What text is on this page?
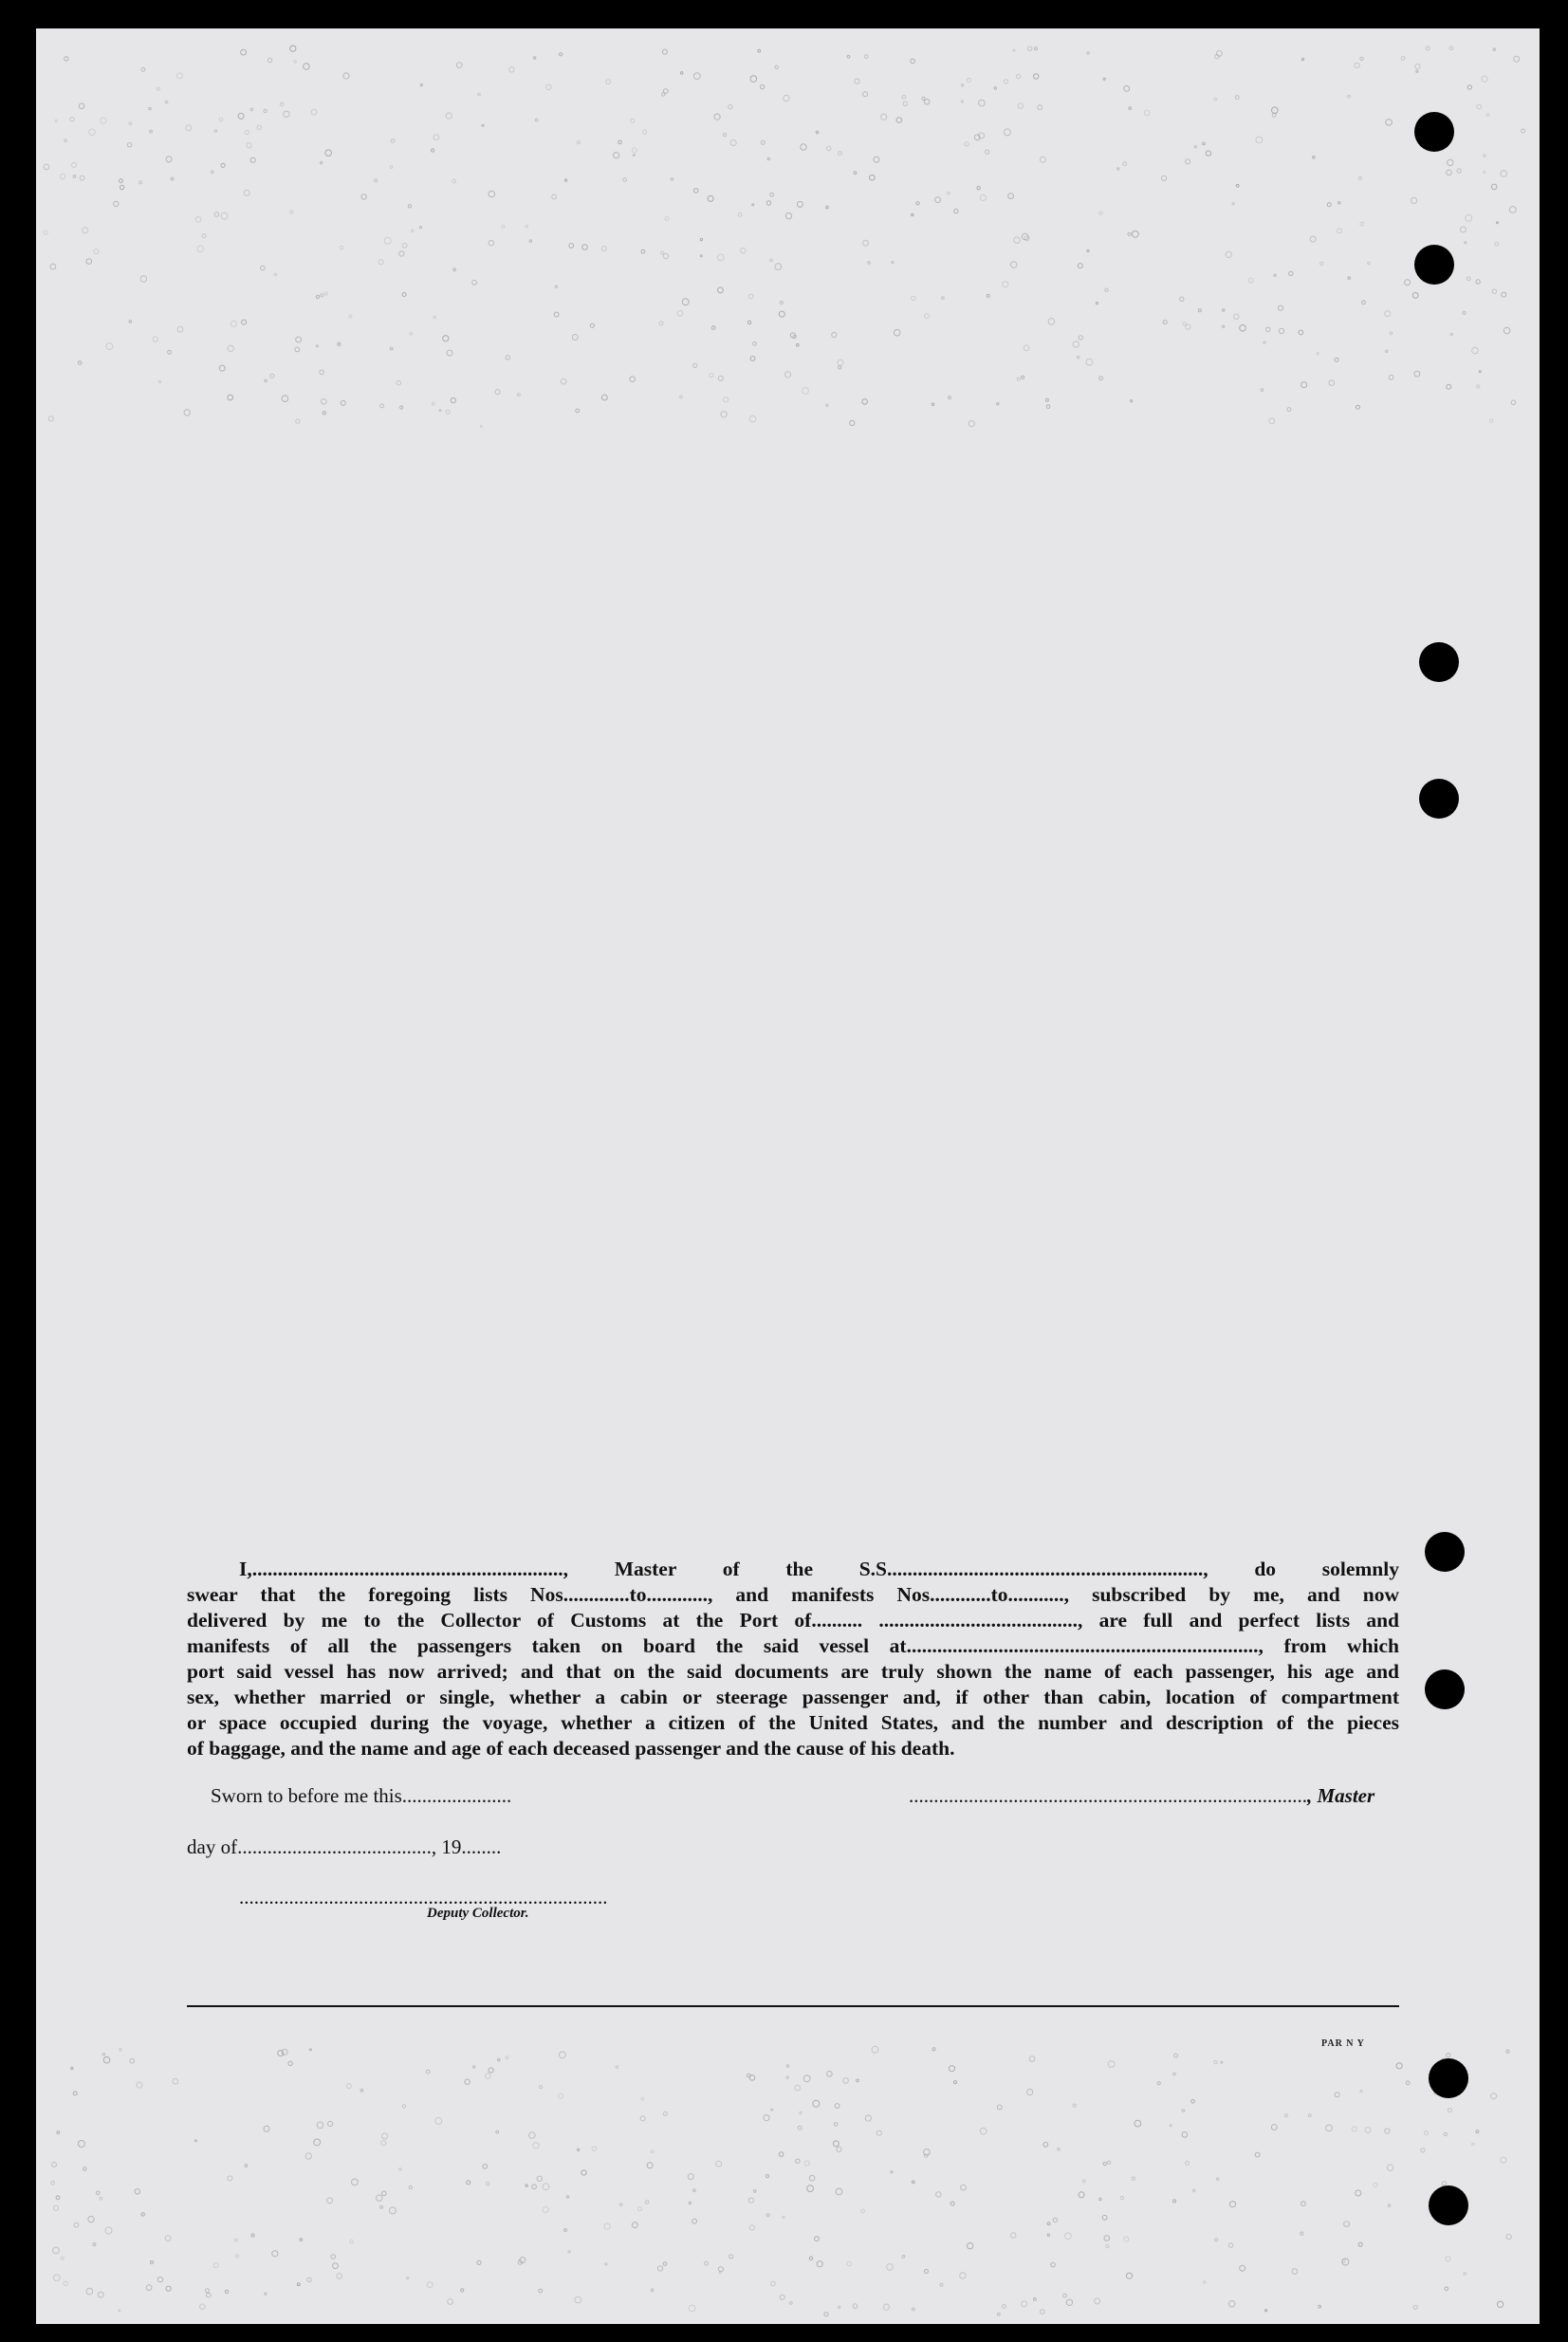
I,............................................................., Master of the S.S.............................................................., do solemnly
swear that the foregoing lists Nos.............to............, and manifests Nos............to..........., subscribed by me, and now
delivered by me to the Collector of Customs at the Port of.......... ......................................., are full and perfect lists and
manifests of all the passengers taken on board the said vessel at....................................................................., from which
port said vessel has now arrived; and that on the said documents are truly shown the name of each passenger, his age and
sex, whether married or single, whether a cabin or steerage passenger and, if other than cabin, location of compartment
or space occupied during the voyage, whether a citizen of the United States, and the number and description of the pieces
of baggage, and the name and age of each deceased passenger and the cause of his death.
Sworn to before me this......................	................................................................................, Master
day of......................................., 19........
..........................................................................
Deputy Collector.
PAR N Y
